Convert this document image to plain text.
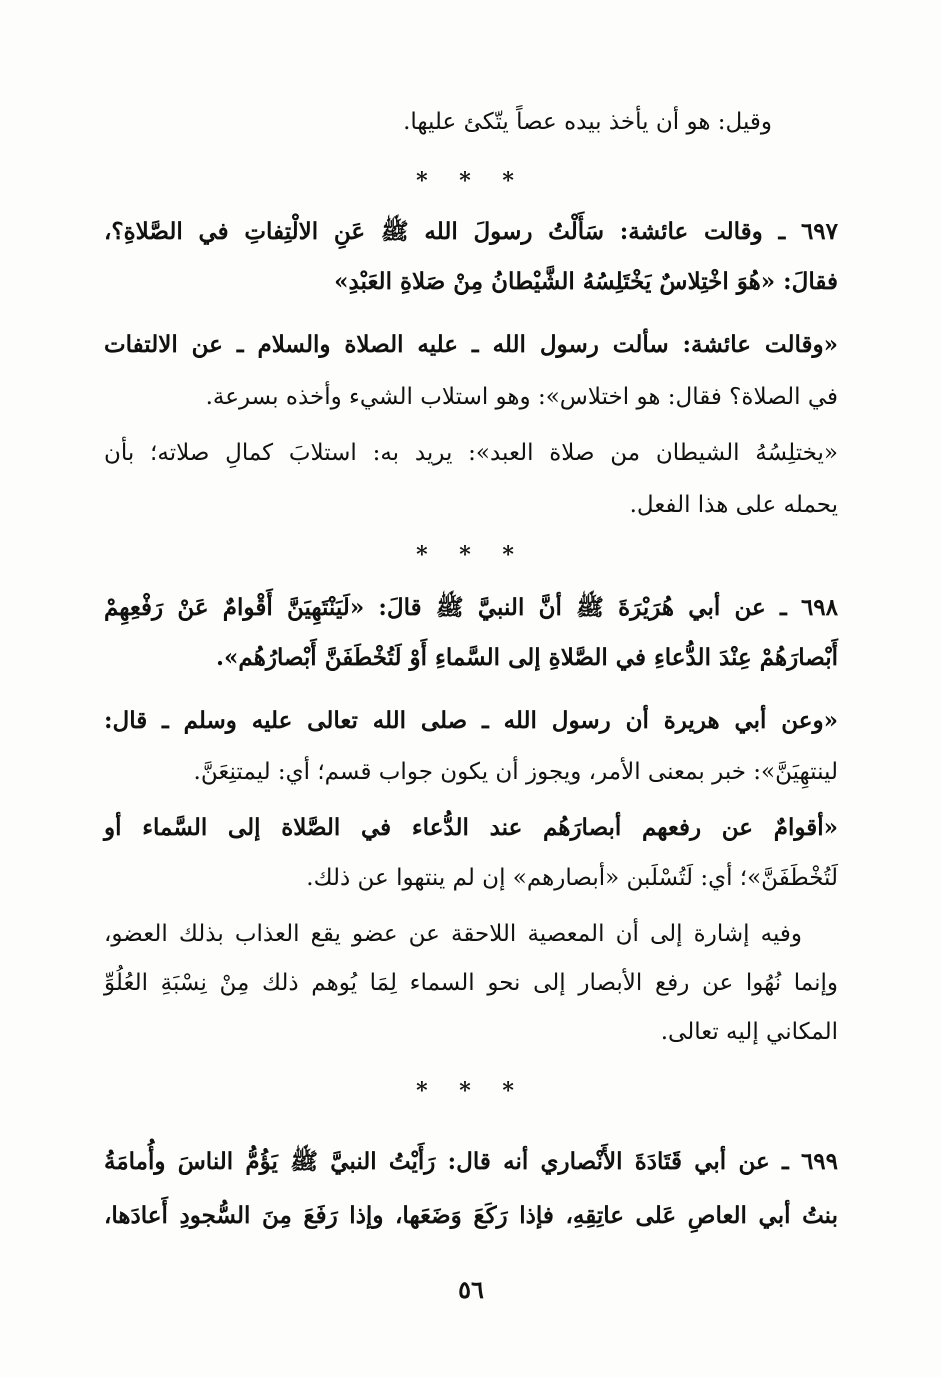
وقيل: هو أن يأخذ بيده عصاً يتّكئ عليها.
* * *
٦٩٧ ـ وقالت عائشة: سَأَلْتُ رسولَ الله ﷺ عَنِ الالْتِفاتِ في الصَّلاةِ؟،
فقالَ: «هُوَ اخْتِلاسٌ يَخْتَلِسُهُ الشَّيْطانُ مِنْ صَلاةِ العَبْدِ»
«وقالت عائشة: سألت رسول الله ـ عليه الصلاة والسلام ـ عن الالتفات
في الصلاة؟ فقال: هو اختلاس»: وهو استلاب الشيء وأخذه بسرعة.
«يختلِسُهُ الشيطان من صلاة العبد»: يريد به: استلابَ كمالِ صلاته؛ بأن
يحمله على هذا الفعل.
* * *
٦٩٨ ـ عن أبي هُرَيْرَةَ ﷺ أنَّ النبيَّ ﷺ قالَ: «لَيَنْتَهِيَنَّ أَقْوامٌ عَنْ رَفْعِهِمْ
أَبْصارَهُمْ عِنْدَ الدُّعاءِ في الصَّلاةِ إلى السَّماءِ أَوْ لَتُخْطَفَنَّ أَبْصارُهُم».
«وعن أبي هريرة أن رسول الله ـ صلى الله تعالى عليه وسلم ـ قال:
لينتهِيَنَّ»: خبر بمعنى الأمر، ويجوز أن يكون جواب قسم؛ أي: ليمتنِعَنَّ.
«أقوامٌ عن رفعهم أبصارَهُم عند الدُّعاء في الصَّلاة إلى السَّماء أو
لَتُخْطَفَنَّ»؛ أي: لَتُسْلَبن «أبصارهم» إن لم ينتهوا عن ذلك.
وفيه إشارة إلى أن المعصية اللاحقة عن عضو يقع العذاب بذلك العضو،
وإنما نُهُوا عن رفع الأبصار إلى نحو السماء لِمَا يُوهم ذلك مِنْ نِسْبَةِ العُلُوِّ
المكاني إليه تعالى.
* * *
٦٩٩ ـ عن أبي قَتَادَةَ الأَنْصاري أنه قال: رَأَيْتُ النبيَّ ﷺ يَؤُمُّ الناسَ وأُمامَةُ
بنتُ أبي العاصِ عَلى عاتِقِهِ، فإذا رَكَعَ وَضَعَها، وإذا رَفَعَ مِنَ السُّجودِ أَعادَها،
٥٦
